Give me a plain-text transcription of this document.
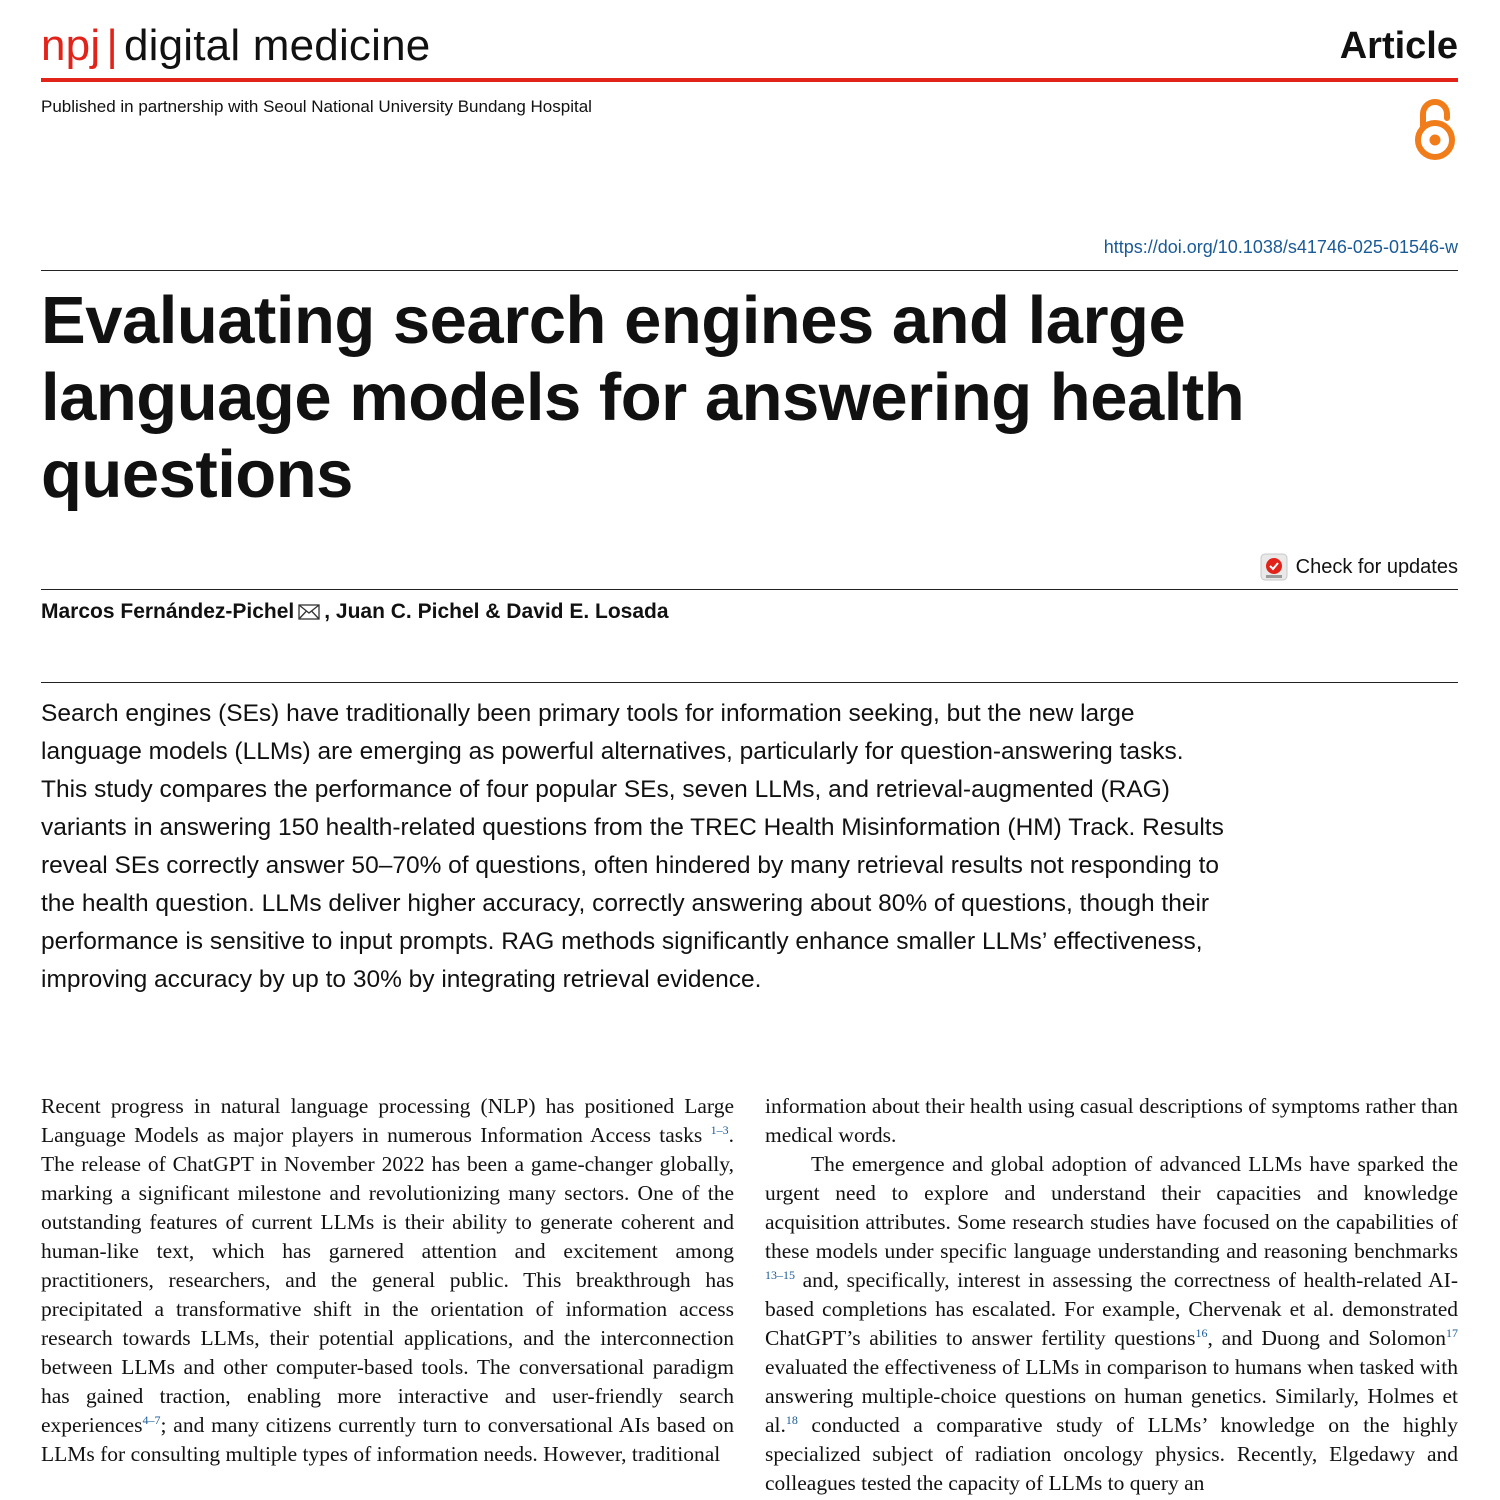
npj | digital medicine	Article
Published in partnership with Seoul National University Bundang Hospital
https://doi.org/10.1038/s41746-025-01546-w
Evaluating search engines and large language models for answering health questions
Check for updates
Marcos Fernández-Pichel , Juan C. Pichel & David E. Losada

Search engines (SEs) have traditionally been primary tools for information seeking, but the new large language models (LLMs) are emerging as powerful alternatives, particularly for question-answering tasks. This study compares the performance of four popular SEs, seven LLMs, and retrieval-augmented (RAG) variants in answering 150 health-related questions from the TREC Health Misinformation (HM) Track. Results reveal SEs correctly answer 50–70% of questions, often hindered by many retrieval results not responding to the health question. LLMs deliver higher accuracy, correctly answering about 80% of questions, though their performance is sensitive to input prompts. RAG methods significantly enhance smaller LLMs’ effectiveness, improving accuracy by up to 30% by integrating retrieval evidence.

Recent progress in natural language processing (NLP) has positioned Large Language Models as major players in numerous Information Access tasks $^{1-3}$. The release of ChatGPT in November 2022 has been a game-changer globally, marking a significant milestone and revolutionizing many sectors. One of the outstanding features of current LLMs is their ability to generate coherent and human-like text, which has garnered attention and excitement among practitioners, researchers, and the general public. This breakthrough has precipitated a transformative shift in the orientation of information access research towards LLMs, their potential applications, and the interconnection between LLMs and other computer-based tools. The conversational paradigm has gained traction, enabling more interactive and user-friendly search experiences$^{4-7}$; and many citizens currently turn to conversational AIs based on LLMs for consulting multiple types of information needs. However, traditional

information about their health using casual descriptions of symptoms rather than medical words.

The emergence and global adoption of advanced LLMs have sparked the urgent need to explore and understand their capacities and knowledge acquisition attributes. Some research studies have focused on the capabilities of these models under specific language understanding and reasoning benchmarks $^{13-15}$ and, specifically, interest in assessing the correctness of health-related AI-based completions has escalated. For example, Chervenak et al. demonstrated ChatGPT’s abilities to answer fertility questions$^{16}$, and Duong and Solomon$^{17}$ evaluated the effectiveness of LLMs in comparison to humans when tasked with answering multiple-choice questions on human genetics. Similarly, Holmes et al.$^{18}$ conducted a comparative study of LLMs’ knowledge on the highly specialized subject of radiation oncology physics. Recently, Elgedawy and colleagues tested the capacity of LLMs to query an
